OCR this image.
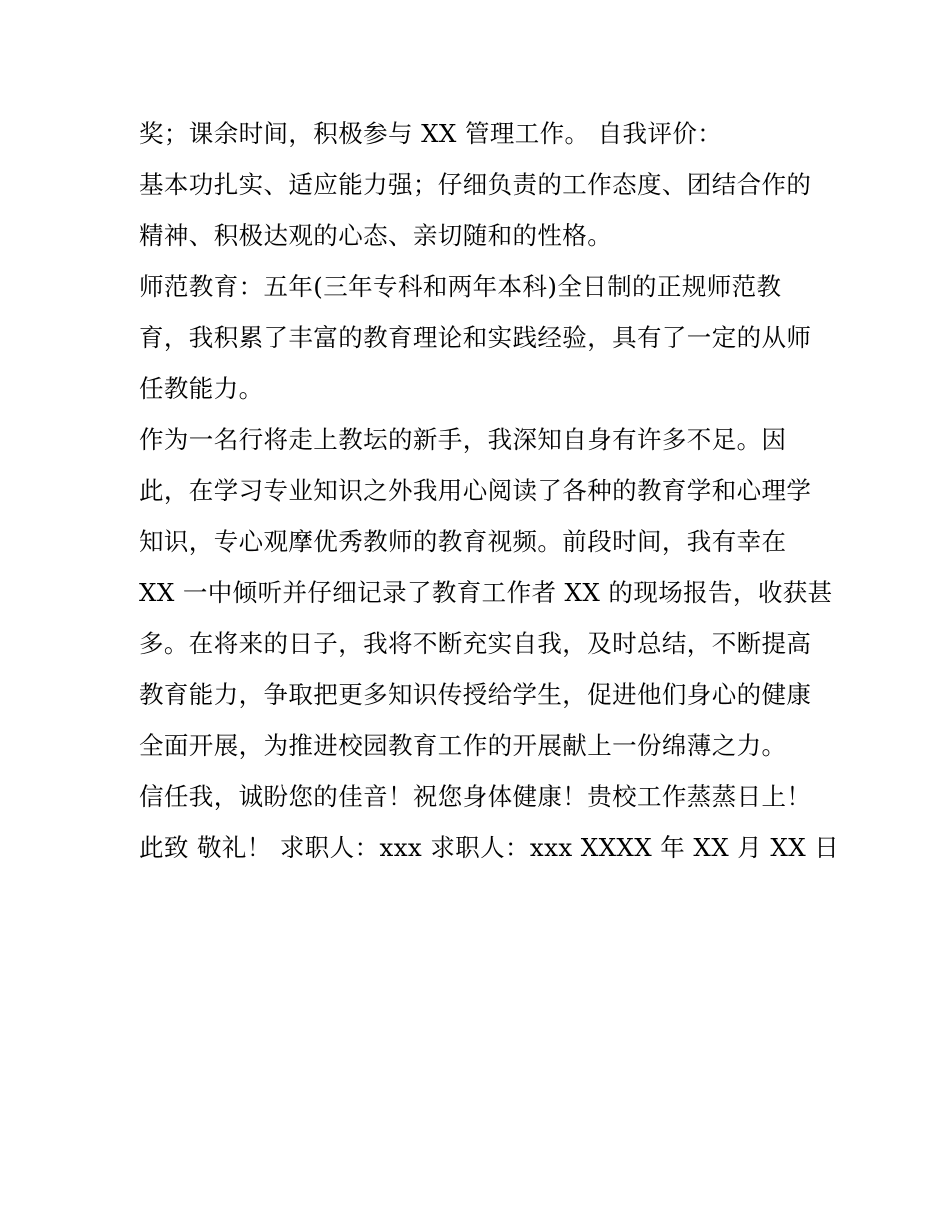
奖；课余时间，积极参与 XX 管理工作。 自我评价：
基本功扎实、适应能力强；仔细负责的工作态度、团结合作的
精神、积极达观的心态、亲切随和的性格。
师范教育：五年(三年专科和两年本科)全日制的正规师范教
育，我积累了丰富的教育理论和实践经验，具有了一定的从师
任教能力。
作为一名行将走上教坛的新手，我深知自身有许多不足。因
此，在学习专业知识之外我用心阅读了各种的教育学和心理学
知识，专心观摩优秀教师的教育视频。前段时间，我有幸在
XX 一中倾听并仔细记录了教育工作者 XX 的现场报告，收获甚
多。在将来的日子，我将不断充实自我，及时总结，不断提高
教育能力，争取把更多知识传授给学生，促进他们身心的健康
全面开展，为推进校园教育工作的开展献上一份绵薄之力。
信任我，诚盼您的佳音！祝您身体健康！贵校工作蒸蒸日上！
此致 敬礼！ 求职人：xxx 求职人：xxx XXXX 年 XX 月 XX 日
